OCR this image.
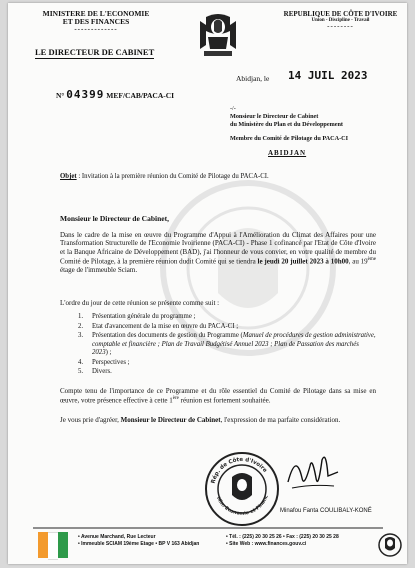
MINISTERE DE L'ECONOMIE
ET DES FINANCES
-------------
REPUBLIQUE DE CÔTE D'IVOIRE
Union - Discipline - Travail
--------
LE DIRECTEUR DE CABINET
Abidjan, le 14 JUIL 2023
N° 04399 MEF/CAB/PACA-CI
-/-
Monsieur le Directeur de Cabinet
du Ministère du Plan et du Développement
Membre du Comité de Pilotage du PACA-CI
ABIDJAN
Objet : Invitation à la première réunion du Comité de Pilotage du PACA-CI.
Monsieur le Directeur de Cabinet,
Dans le cadre de la mise en œuvre du Programme d'Appui à l'Amélioration du Climat des Affaires pour une Transformation Structurelle de l'Economie Ivoirienne (PACA-CI) - Phase 1 cofinancé par l'Etat de Côte d'Ivoire et la Banque Africaine de Développement (BAD), j'ai l'honneur de vous convier, en votre qualité de membre du Comité de Pilotage, à la première réunion dudit Comité qui se tiendra le jeudi 20 juillet 2023 à 10h00, au 19ème étage de l'immeuble Sciam.
L'ordre du jour de cette réunion se présente comme suit :
1.	Présentation générale du programme ;
2.	Etat d'avancement de la mise en œuvre du PACA-CI ;
3.	Présentation des documents de gestion du Programme (Manuel de procédures de gestion administrative, comptable et financière ; Plan de Travail Budgétisé Annuel 2023 ; Plan de Passation des marchés 2023) ;
4.	Perspectives ;
5.	Divers.
Compte tenu de l'importance de ce Programme et du rôle essentiel du Comité de Pilotage dans sa mise en œuvre, votre présence effective à cette 1ère réunion est fortement souhaitée.
Je vous prie d'agréer, Monsieur le Directeur de Cabinet, l'expression de ma parfaite considération.
Rép. de Côte d'Ivoire
Min. Economie et Financ
Minafou Fanta COULIBALY-KONÉ
• Avenue Marchand, Rue Lecteur
• Immeuble SCIAM 19ème Etage • BP V 163 Abidjan
• Tél. : (225) 20 30 25 26 • Fax : (225) 20 30 25 28
• Site Web : www.finances.gouv.ci
